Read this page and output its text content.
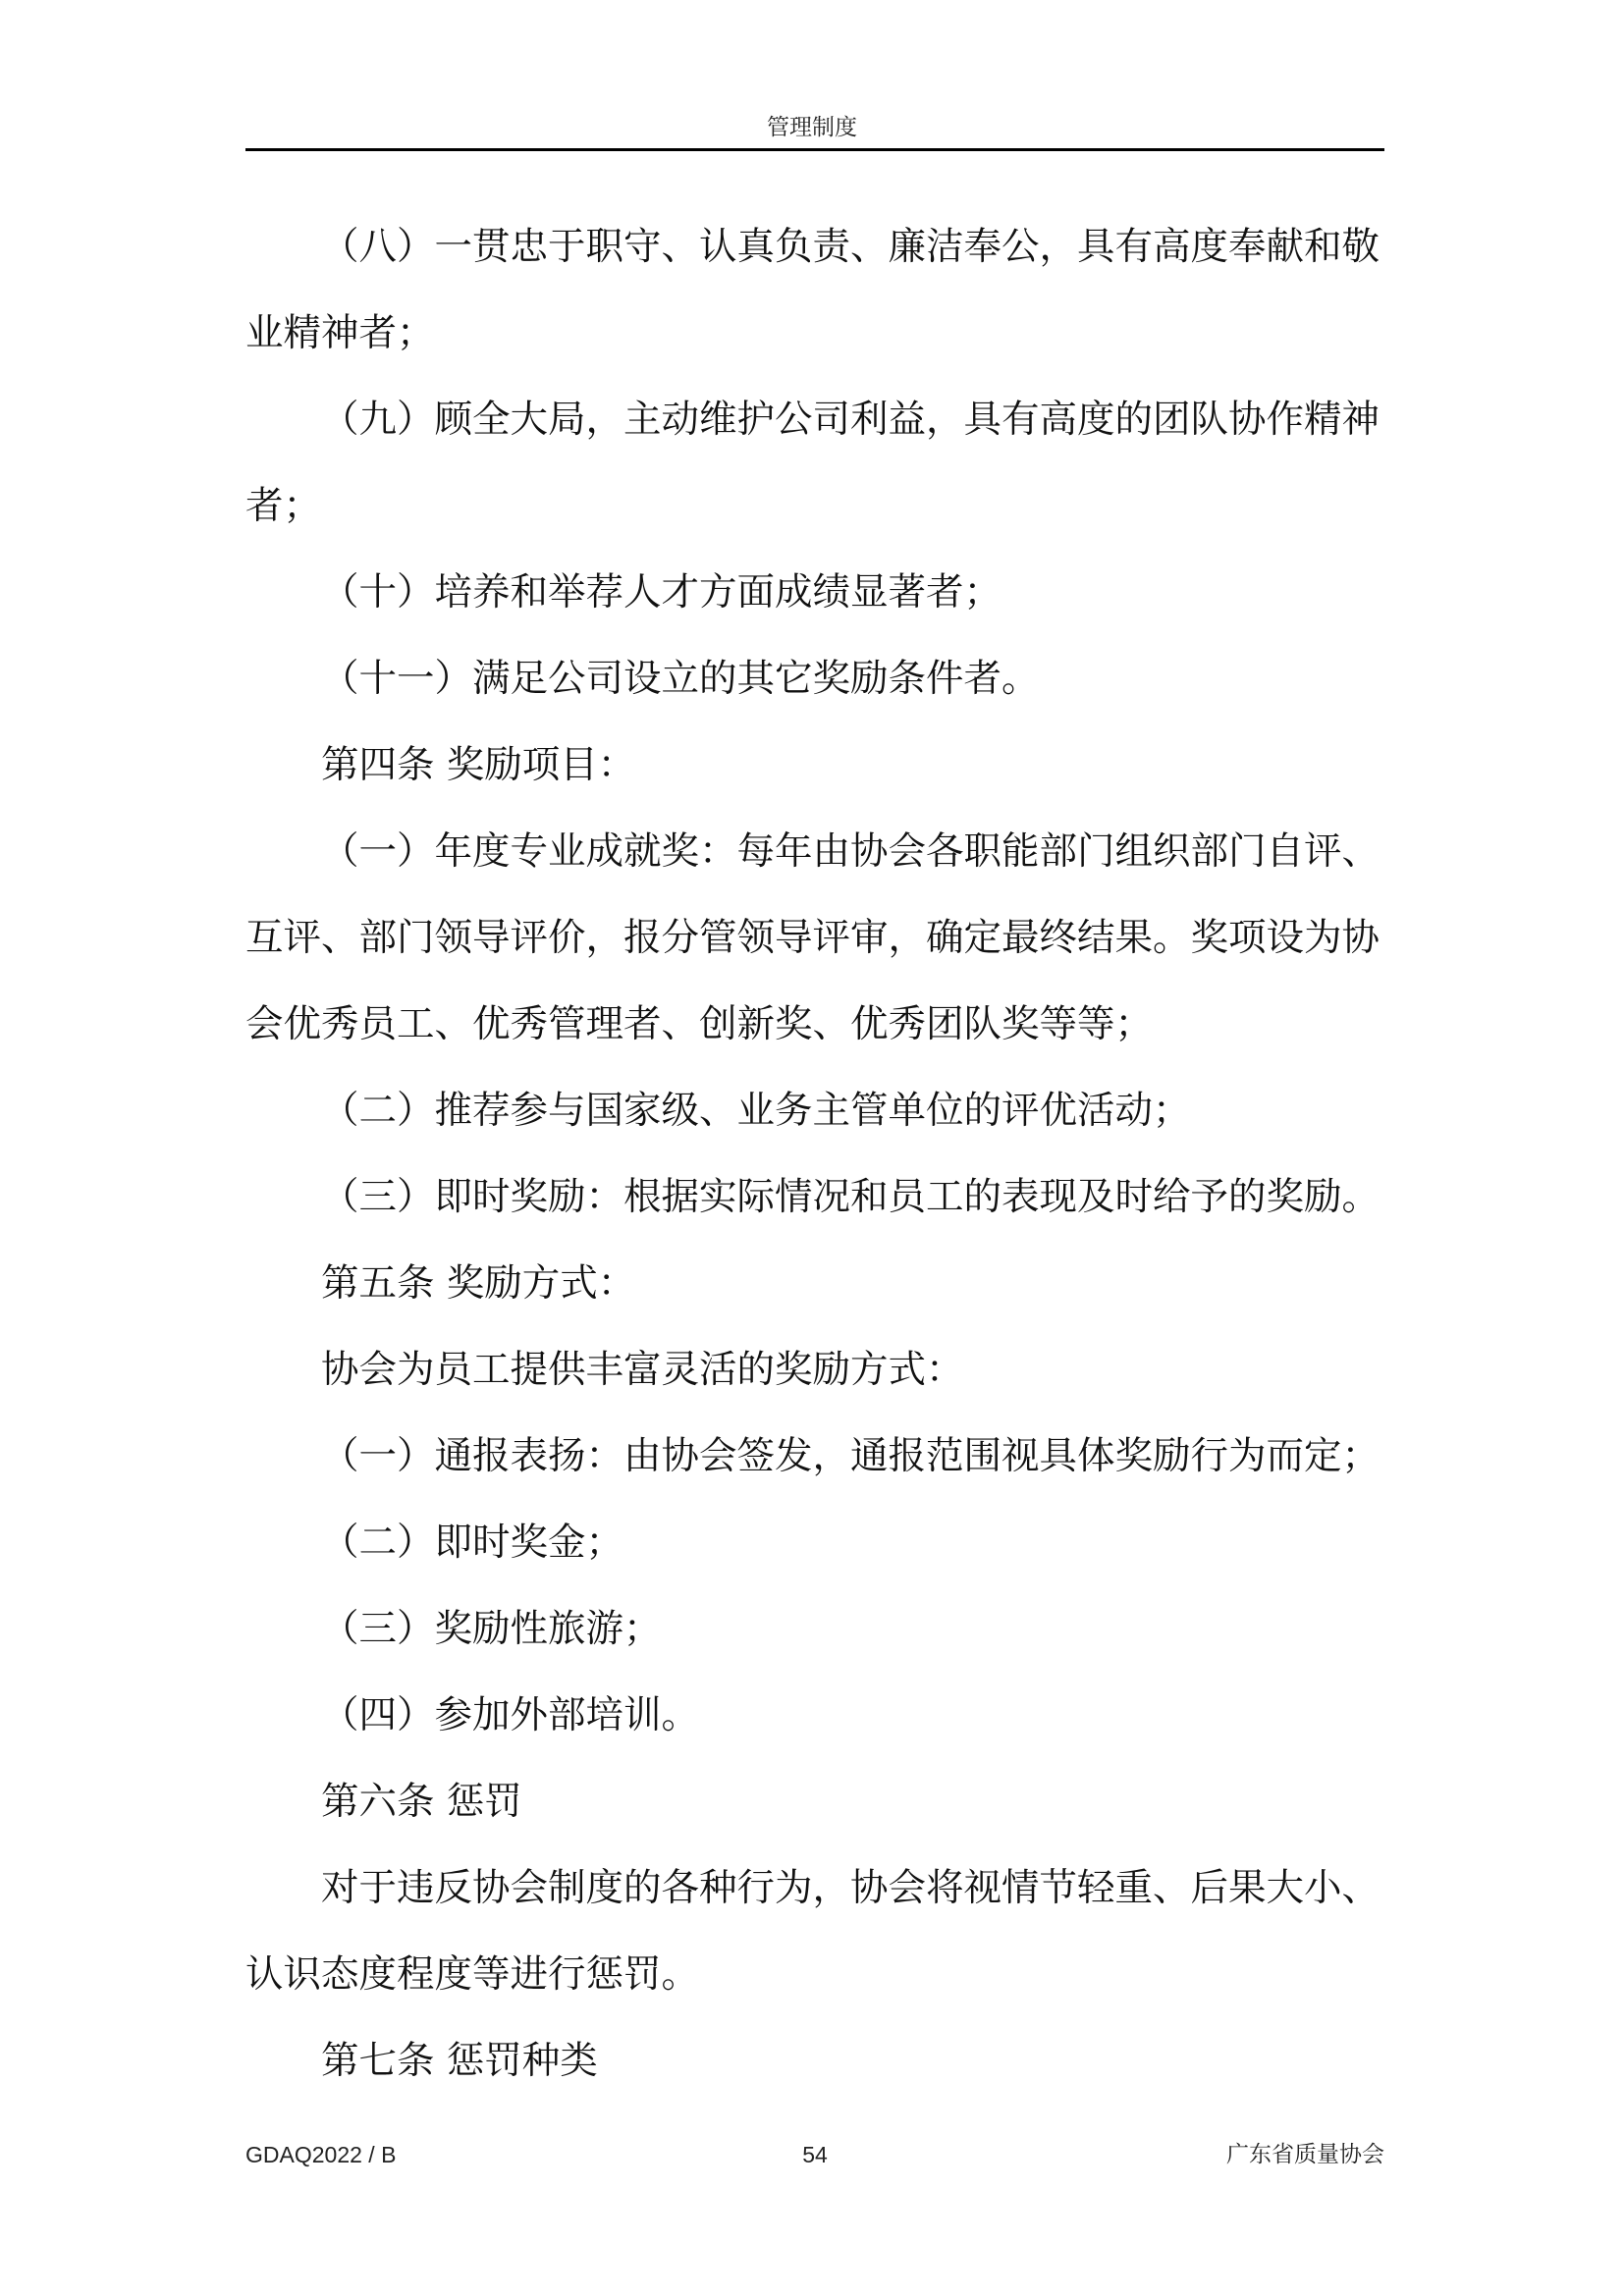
管理制度

（八）一贯忠于职守、认真负责、廉洁奉公，具有高度奉献和敬业精神者；

（九）顾全大局，主动维护公司利益，具有高度的团队协作精神者；

（十）培养和举荐人才方面成绩显著者；

（十一）满足公司设立的其它奖励条件者。

第四条 奖励项目：

（一）年度专业成就奖：每年由协会各职能部门组织部门自评、互评、部门领导评价，报分管领导评审，确定最终结果。奖项设为协会优秀员工、优秀管理者、创新奖、优秀团队奖等等；

（二）推荐参与国家级、业务主管单位的评优活动；

（三）即时奖励：根据实际情况和员工的表现及时给予的奖励。

第五条 奖励方式：

协会为员工提供丰富灵活的奖励方式：

（一）通报表扬：由协会签发，通报范围视具体奖励行为而定；

（二）即时奖金；

（三）奖励性旅游；

（四）参加外部培训。

第六条 惩罚

对于违反协会制度的各种行为，协会将视情节轻重、后果大小、认识态度程度等进行惩罚。

第七条 惩罚种类

GDAQ2022 / B	54	广东省质量协会
